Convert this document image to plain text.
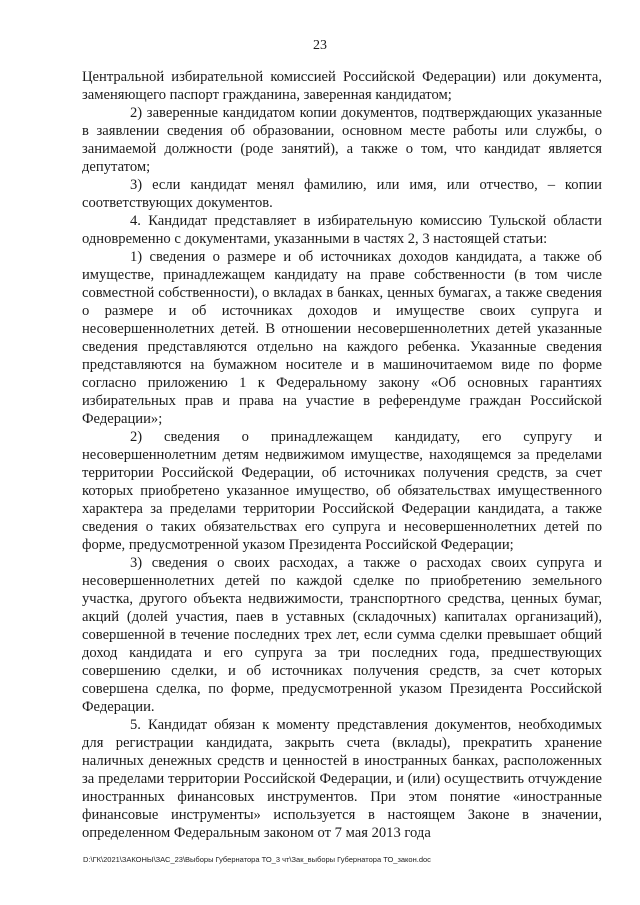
23

Центральной избирательной комиссией Российской Федерации) или документа, заменяющего паспорт гражданина, заверенная кандидатом;

2) заверенные кандидатом копии документов, подтверждающих указанные в заявлении сведения об образовании, основном месте работы или службы, о занимаемой должности (роде занятий), а также о том, что кандидат является депутатом;

3) если кандидат менял фамилию, или имя, или отчество, – копии соответствующих документов.

4. Кандидат представляет в избирательную комиссию Тульской области одновременно с документами, указанными в частях 2, 3 настоящей статьи:

1) сведения о размере и об источниках доходов кандидата, а также об имуществе, принадлежащем кандидату на праве собственности (в том числе совместной собственности), о вкладах в банках, ценных бумагах, а также сведения о размере и об источниках доходов и имуществе своих супруга и несовершеннолетних детей. В отношении несовершеннолетних детей указанные сведения представляются отдельно на каждого ребенка. Указанные сведения представляются на бумажном носителе и в машиночитаемом виде по форме согласно приложению 1 к Федеральному закону «Об основных гарантиях избирательных прав и права на участие в референдуме граждан Российской Федерации»;

2) сведения о принадлежащем кандидату, его супругу и несовершеннолетним детям недвижимом имуществе, находящемся за пределами территории Российской Федерации, об источниках получения средств, за счет которых приобретено указанное имущество, об обязательствах имущественного характера за пределами территории Российской Федерации кандидата, а также сведения о таких обязательствах его супруга и несовершеннолетних детей по форме, предусмотренной указом Президента Российской Федерации;

3) сведения о своих расходах, а также о расходах своих супруга и несовершеннолетних детей по каждой сделке по приобретению земельного участка, другого объекта недвижимости, транспортного средства, ценных бумаг, акций (долей участия, паев в уставных (складочных) капиталах организаций), совершенной в течение последних трех лет, если сумма сделки превышает общий доход кандидата и его супруга за три последних года, предшествующих совершению сделки, и об источниках получения средств, за счет которых совершена сделка, по форме, предусмотренной указом Президента Российской Федерации.

5. Кандидат обязан к моменту представления документов, необходимых для регистрации кандидата, закрыть счета (вклады), прекратить хранение наличных денежных средств и ценностей в иностранных банках, расположенных за пределами территории Российской Федерации, и (или) осуществить отчуждение иностранных финансовых инструментов. При этом понятие «иностранные финансовые инструменты» используется в настоящем Законе в значении, определенном Федеральным законом от 7 мая 2013 года

D:\ГК\2021\ЗАКОНЫ\ЗАС_23\Выборы Губернатора ТО_3 чт\Зак_выборы Губернатора ТО_закон.doc
